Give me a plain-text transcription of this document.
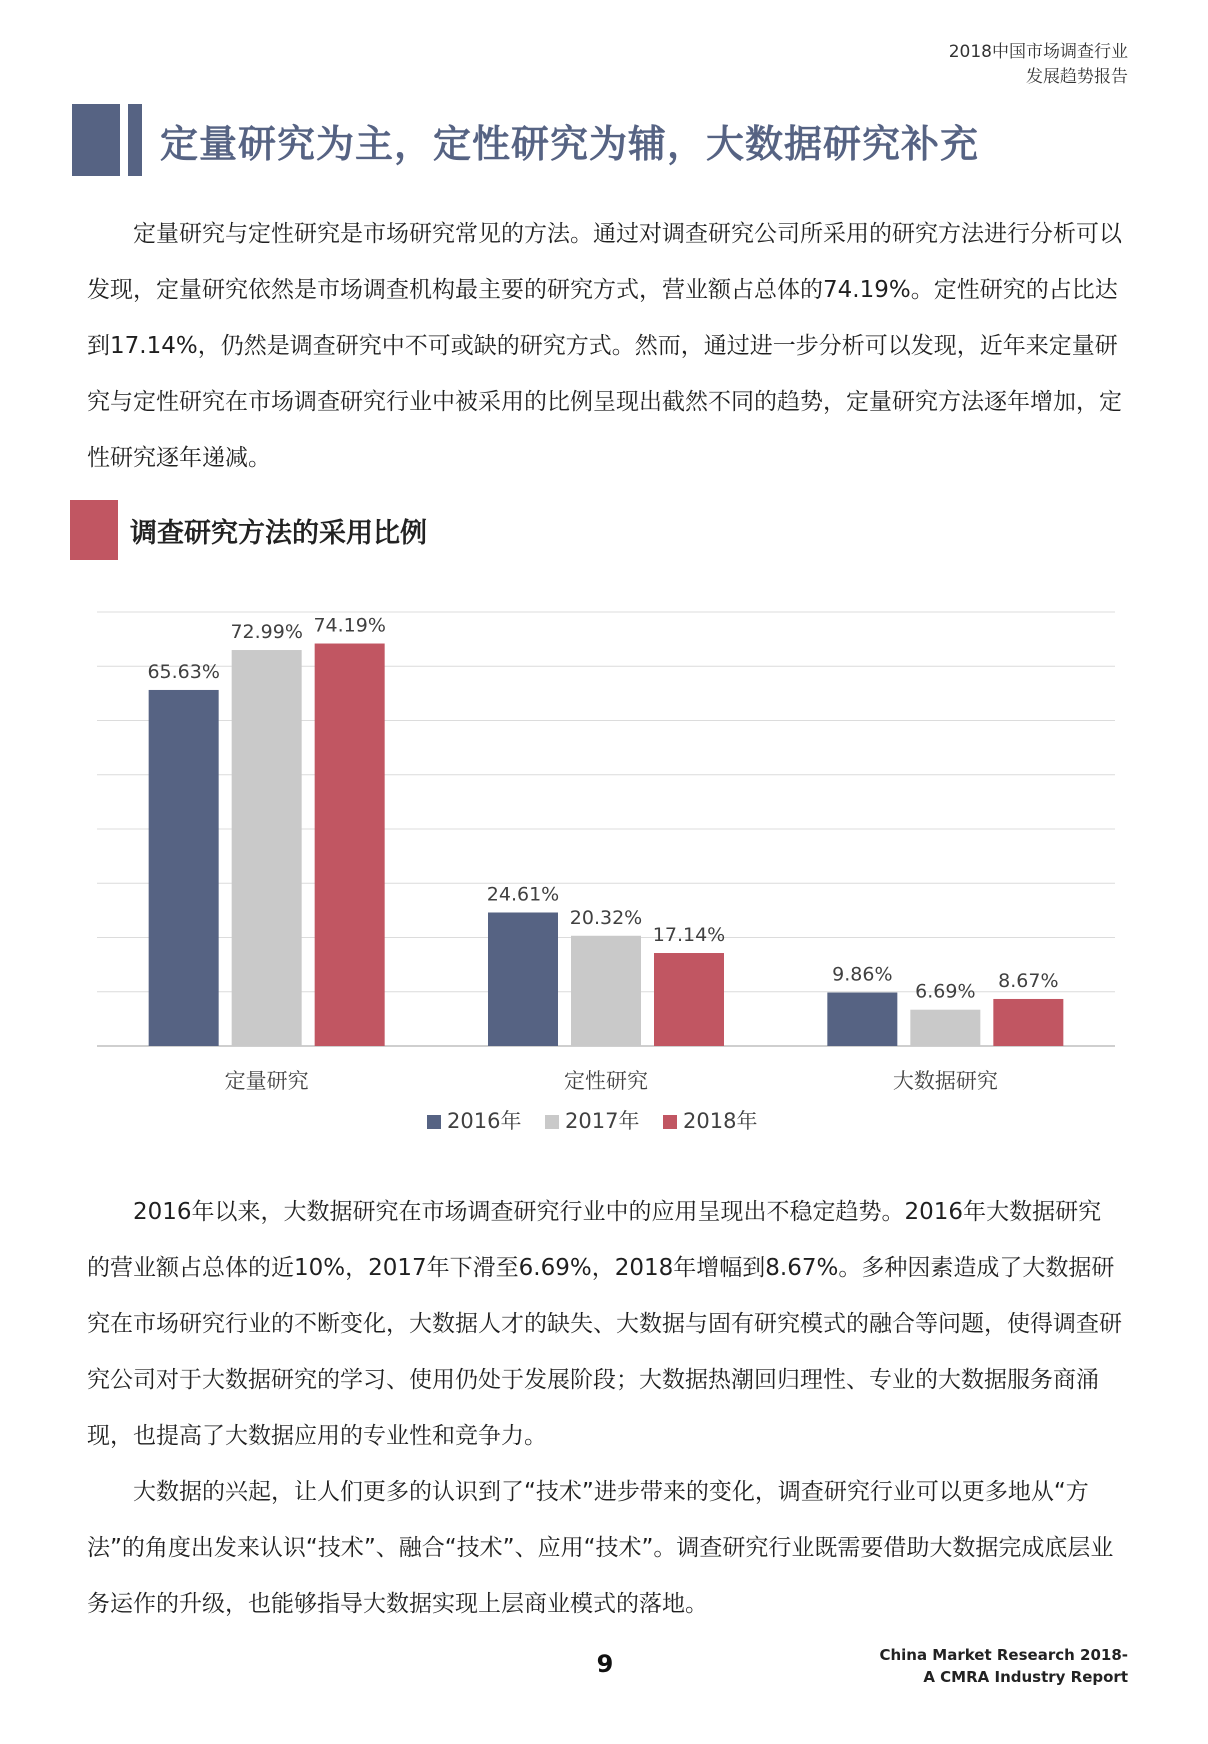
2018中国市场调查行业
发展趋势报告
定量研究为主，定性研究为辅，大数据研究补充

定量研究与定性研究是市场研究常见的方法。通过对调查研究公司所采用的研究方法进行分析可以发现，定量研究依然是市场调查机构最主要的研究方式，营业额占总体的74.19%。定性研究的占比达到17.14%，仍然是调查研究中不可或缺的研究方式。然而，通过进一步分析可以发现，近年来定量研究与定性研究在市场调查研究行业中被采用的比例呈现出截然不同的趋势，定量研究方法逐年增加，定性研究逐年递减。

调查研究方法的采用比例
65.63%
72.99% 74.19%
定量研究
24.61%
20.32%
17.14%
定性研究
9.86%
6.69% 8.67%
大数据研究
2016年 2017年 2018年

2016年以来，大数据研究在市场调查研究行业中的应用呈现出不稳定趋势。2016年大数据研究的营业额占总体的近10%，2017年下滑至6.69%，2018年增幅到8.67%。多种因素造成了大数据研究在市场研究行业的不断变化，大数据人才的缺失、大数据与固有研究模式的融合等问题，使得调查研究公司对于大数据研究的学习、使用仍处于发展阶段；大数据热潮回归理性、专业的大数据服务商涌现，也提高了大数据应用的专业性和竞争力。

大数据的兴起，让人们更多的认识到了“技术”进步带来的变化，调查研究行业可以更多地从“方法”的角度出发来认识“技术”、融合“技术”、应用“技术”。调查研究行业既需要借助大数据完成底层业务运作的升级，也能够指导大数据实现上层商业模式的落地。

9	China Market Research 2018-
A CMRA Industry Report
